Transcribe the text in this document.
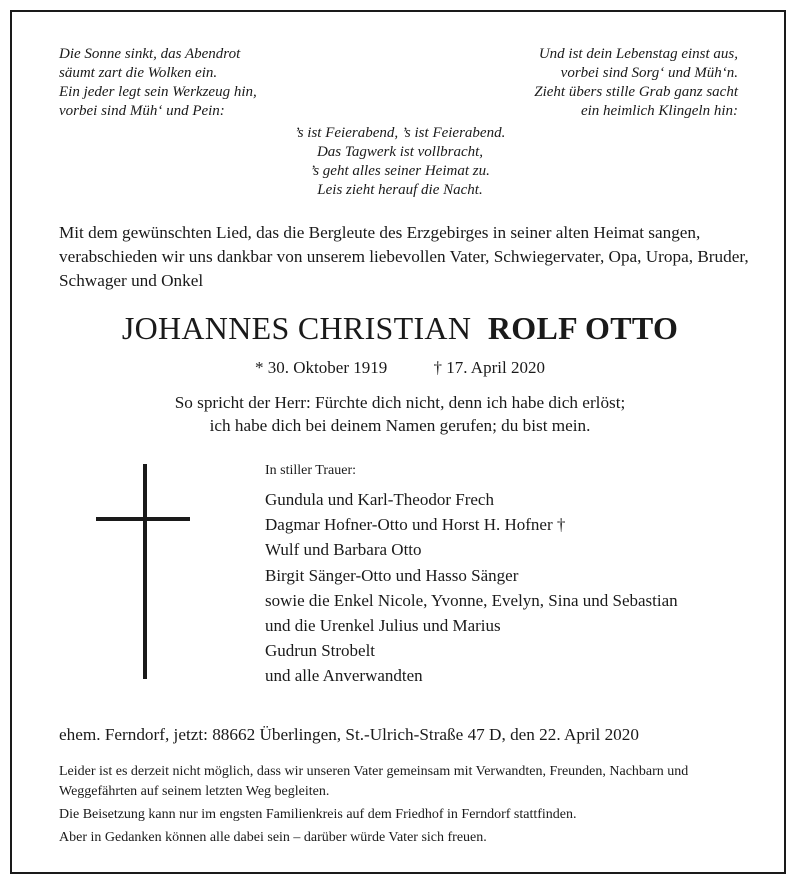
Die Sonne sinkt, das Abendrot
säumt zart die Wolken ein.
Ein jeder legt sein Werkzeug hin,
vorbei sind Müh‘ und Pein:
Und ist dein Lebenstag einst aus,
vorbei sind Sorg‘ und Müh‘n.
Zieht übers stille Grab ganz sacht
ein heimlich Klingeln hin:
’s ist Feierabend, ’s ist Feierabend.
Das Tagwerk ist vollbracht,
’s geht alles seiner Heimat zu.
Leis zieht herauf die Nacht.
Mit dem gewünschten Lied, das die Bergleute des Erzgebirges in seiner alten Heimat sangen, verabschieden wir uns dankbar von unserem liebevollen Vater, Schwiegervater, Opa, Uropa, Bruder, Schwager und Onkel
JOHANNES CHRISTIAN ROLF OTTO
* 30. Oktober 1919	† 17. April 2020
So spricht der Herr: Fürchte dich nicht, denn ich habe dich erlöst;
ich habe dich bei deinem Namen gerufen; du bist mein.
In stiller Trauer:
Gundula und Karl-Theodor Frech
Dagmar Hofner-Otto und Horst H. Hofner †
Wulf und Barbara Otto
Birgit Sänger-Otto und Hasso Sänger
sowie die Enkel Nicole, Yvonne, Evelyn, Sina und Sebastian
und die Urenkel Julius und Marius
Gudrun Strobelt
und alle Anverwandten
ehem. Ferndorf, jetzt: 88662 Überlingen, St.-Ulrich-Straße 47 D, den 22. April 2020

Leider ist es derzeit nicht möglich, dass wir unseren Vater gemeinsam mit Verwandten, Freunden, Nachbarn und Weggefährten auf seinem letzten Weg begleiten.

Die Beisetzung kann nur im engsten Familienkreis auf dem Friedhof in Ferndorf stattfinden.

Aber in Gedanken können alle dabei sein – darüber würde Vater sich freuen.
